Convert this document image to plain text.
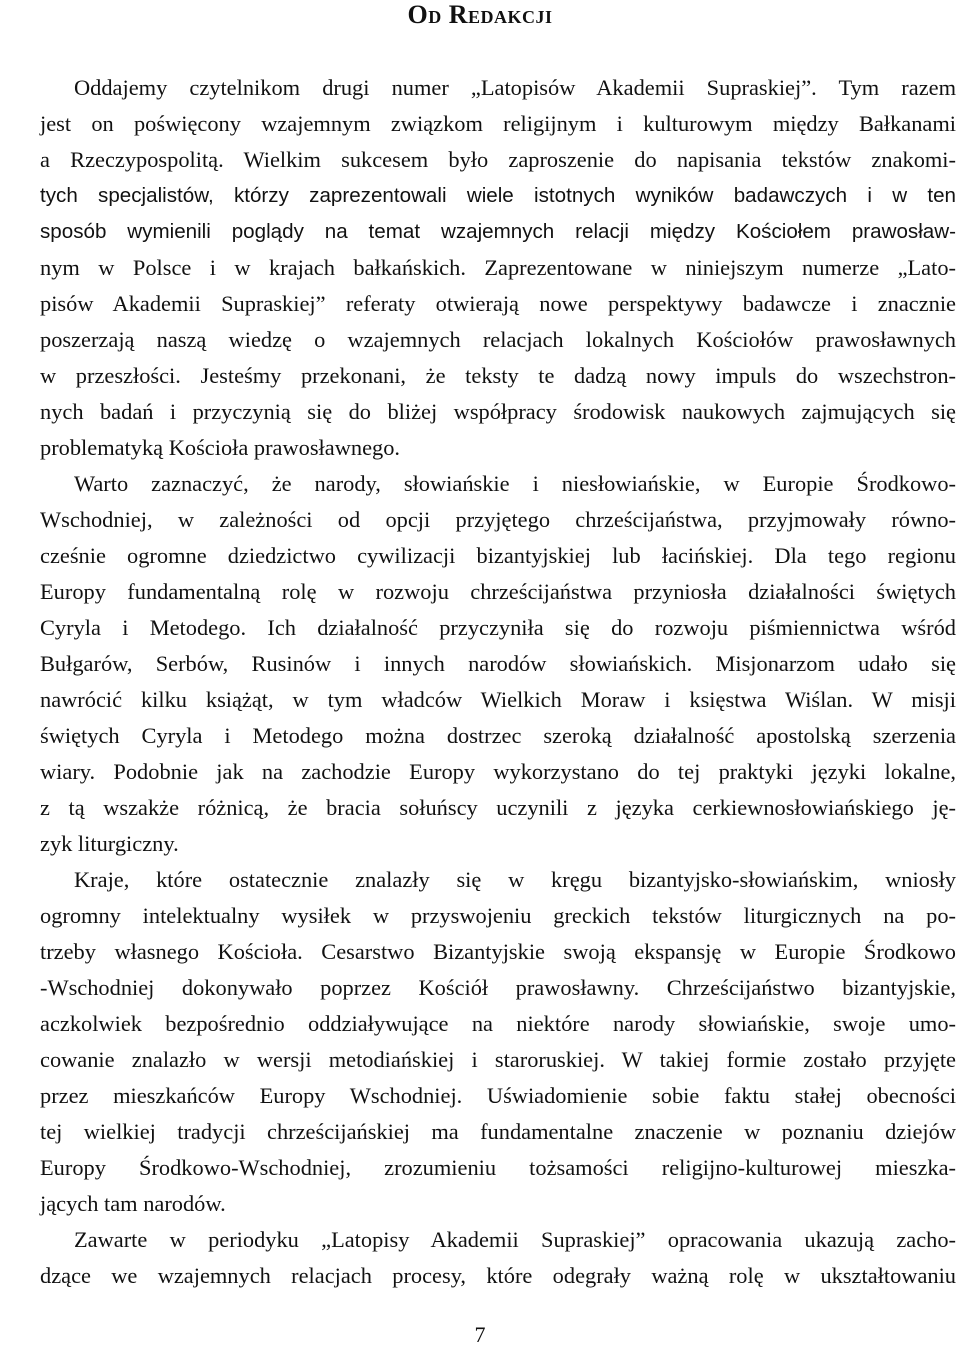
Od Redakcji
Oddajemy czytelnikom drugi numer „Latopisów Akademii Supraskiej”. Tym razem
jest on poświęcony wzajemnym związkom religijnym i kulturowym między Bałkanami
a Rzeczypospolitą. Wielkim sukcesem było zaproszenie do napisania tekstów znakomi-
tych specjalistów, którzy zaprezentowali wiele istotnych wyników badawczych i w ten
sposób wymienili poglądy na temat wzajemnych relacji między Kościołem prawosław-
nym w Polsce i w krajach bałkańskich. Zaprezentowane w niniejszym numerze „Lato-
pisów Akademii Supraskiej” referaty otwierają nowe perspektywy badawcze i znacznie
poszerzają naszą wiedzę o wzajemnych relacjach lokalnych Kościołów prawosławnych
w przeszłości. Jesteśmy przekonani, że teksty te dadzą nowy impuls do wszechstron-
nych badań i przyczynią się do bliżej współpracy środowisk naukowych zajmujących się
problematyką Kościoła prawosławnego.
Warto zaznaczyć, że narody, słowiańskie i niesłowiańskie, w Europie Środkowo-
Wschodniej, w zależności od opcji przyjętego chrześcijaństwa, przyjmowały równo-
cześnie ogromne dziedzictwo cywilizacji bizantyjskiej lub łacińskiej. Dla tego regionu
Europy fundamentalną rolę w rozwoju chrześcijaństwa przyniosła działalności świętych
Cyryla i Metodego. Ich działalność przyczyniła się do rozwoju piśmiennictwa wśród
Bułgarów, Serbów, Rusinów i innych narodów słowiańskich. Misjonarzom udało się
nawrócić kilku książąt, w tym władców Wielkich Moraw i księstwa Wiślan. W misji
świętych Cyryla i Metodego można dostrzec szeroką działalność apostolską szerzenia
wiary. Podobnie jak na zachodzie Europy wykorzystano do tej praktyki języki lokalne,
z tą wszakże różnicą, że bracia sołuńscy uczynili z języka cerkiewnosłowiańskiego ję-
zyk liturgiczny.
Kraje, które ostatecznie znalazły się w kręgu bizantyjsko-słowiańskim, wniosły
ogromny intelektualny wysiłek w przyswojeniu greckich tekstów liturgicznych na po-
trzeby własnego Kościoła. Cesarstwo Bizantyjskie swoją ekspansję w Europie Środkowo
-Wschodniej dokonywało poprzez Kościół prawosławny. Chrześcijaństwo bizantyjskie,
aczkolwiek bezpośrednio oddziaływujące na niektóre narody słowiańskie, swoje umo-
cowanie znalazło w wersji metodiańskiej i staroruskiej. W takiej formie zostało przyjęte
przez mieszkańców Europy Wschodniej. Uświadomienie sobie faktu stałej obecności
tej wielkiej tradycji chrześcijańskiej ma fundamentalne znaczenie w poznaniu dziejów
Europy Środkowo-Wschodniej, zrozumieniu tożsamości religijno-kulturowej mieszka-
jących tam narodów.
Zawarte w periodyku „Latopisy Akademii Supraskiej” opracowania ukazują zacho-
dzące we wzajemnych relacjach procesy, które odegrały ważną rolę w ukształtowaniu
7
